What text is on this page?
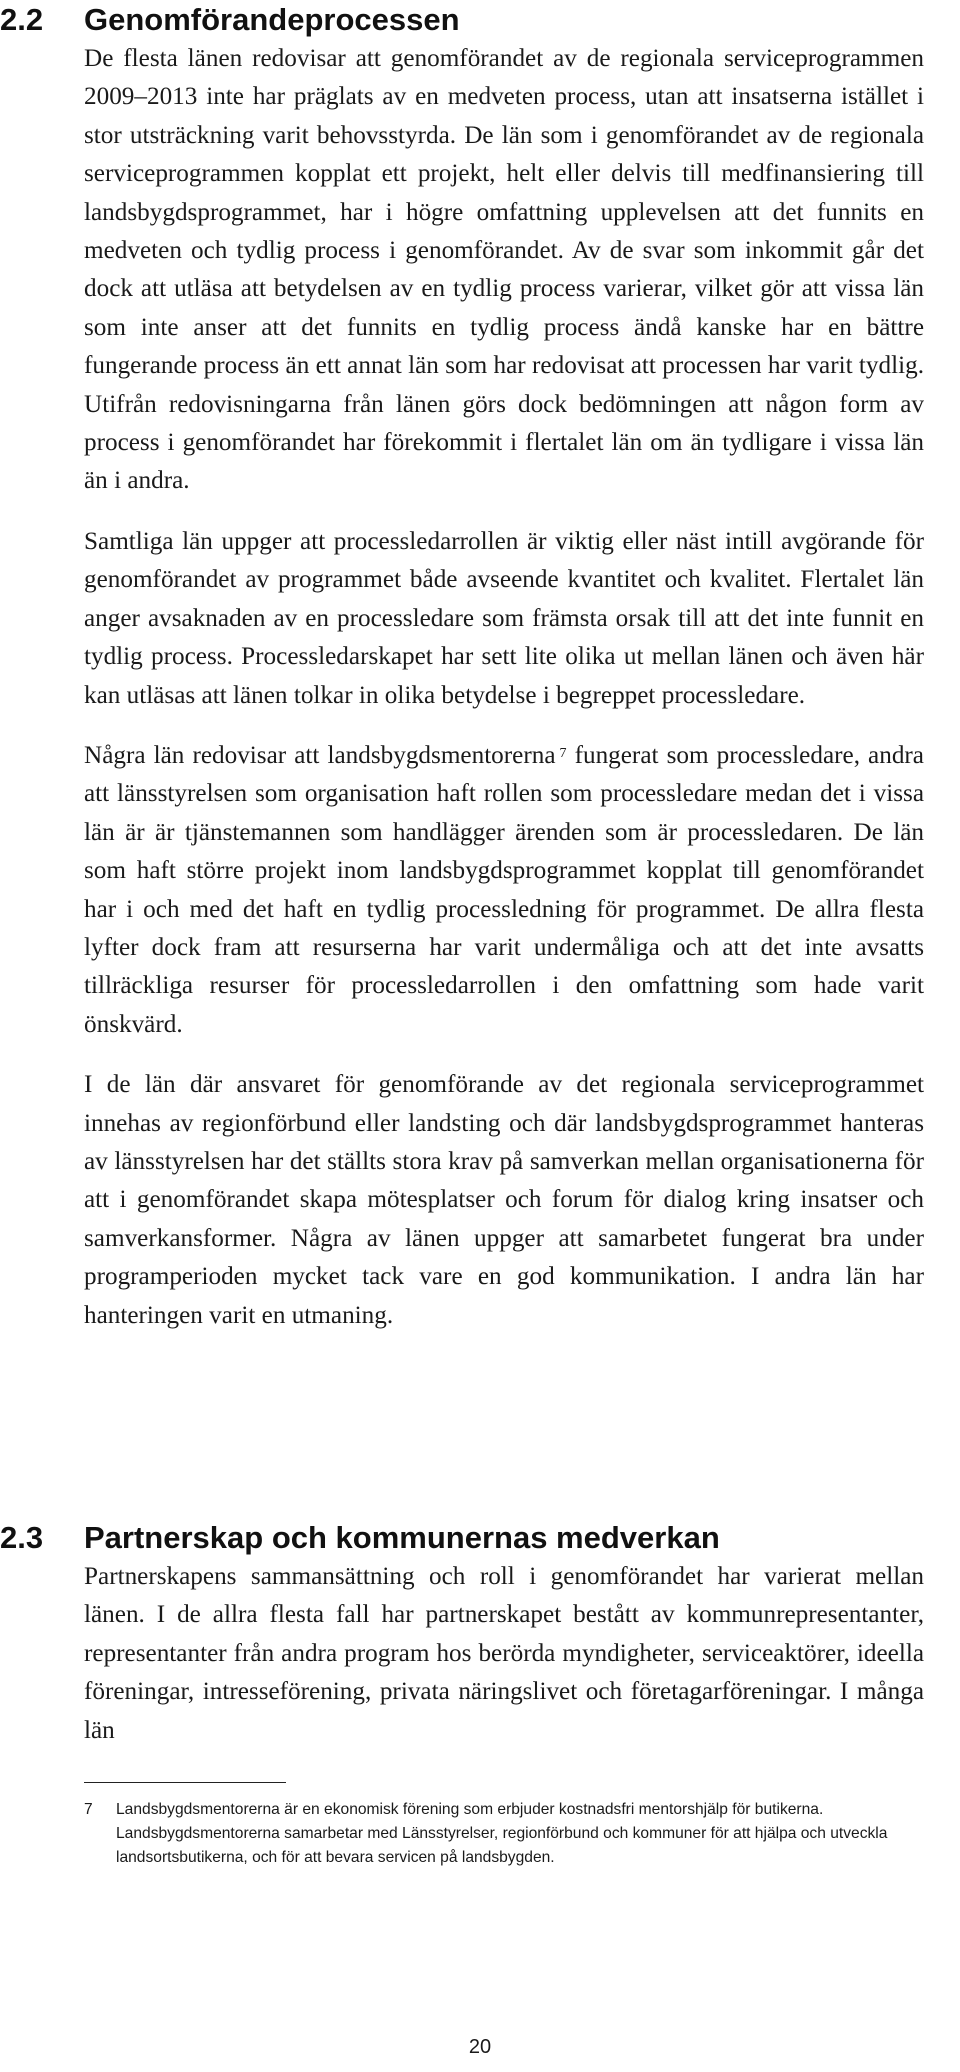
2.2	Genomförandeprocessen

De flesta länen redovisar att genomförandet av de regionala serviceprogrammen 2009–2013 inte har präglats av en medveten process, utan att insatserna istället i stor utsträckning varit behovsstyrda. De län som i genomförandet av de regionala serviceprogrammen kopplat ett projekt, helt eller delvis till medfinansiering till landsbygdsprogrammet, har i högre omfattning upplevelsen att det funnits en medveten och tydlig process i genomförandet. Av de svar som inkommit går det dock att utläsa att betydelsen av en tydlig process varierar, vilket gör att vissa län som inte anser att det funnits en tydlig process ändå kanske har en bättre fungerande process än ett annat län som har redovisat att processen har varit tydlig. Utifrån redovisningarna från länen görs dock bedömningen att någon form av process i genomförandet har förekommit i flertalet län om än tydligare i vissa län än i andra.

Samtliga län uppger att processledarrollen är viktig eller näst intill avgörande för genomförandet av programmet både avseende kvantitet och kvalitet. Flertalet län anger avsaknaden av en processledare som främsta orsak till att det inte funnit en tydlig process. Processledarskapet har sett lite olika ut mellan länen och även här kan utläsas att länen tolkar in olika betydelse i begreppet processledare.

Några län redovisar att landsbygdsmentorerna $^7$ fungerat som processledare, andra att länsstyrelsen som organisation haft rollen som processledare medan det i vissa län är är tjänstemannen som handlägger ärenden som är processledaren. De län som haft större projekt inom landsbygdsprogrammet kopplat till genomförandet har i och med det haft en tydlig processledning för programmet. De allra flesta lyfter dock fram att resurserna har varit undermåliga och att det inte avsatts tillräckliga resurser för processledarrollen i den omfattning som hade varit önskvärd.

I de län där ansvaret för genomförande av det regionala serviceprogrammet innehas av regionförbund eller landsting och där landsbygdsprogrammet hanteras av länsstyrelsen har det ställts stora krav på samverkan mellan organisationerna för att i genomförandet skapa mötesplatser och forum för dialog kring insatser och samverkansformer. Några av länen uppger att samarbetet fungerat bra under programperioden mycket tack vare en god kommunikation. I andra län har hanteringen varit en utmaning.

2.3	Partnerskap och kommunernas medverkan

Partnerskapens sammansättning och roll i genomförandet har varierat mellan länen. I de allra flesta fall har partnerskapet bestått av kommunrepresentanter, representanter från andra program hos berörda myndigheter, serviceaktörer, ideella föreningar, intresseförening, privata näringslivet och företagarföreningar. I många län

7	Landsbygdsmentorerna är en ekonomisk förening som erbjuder kostnadsfri mentorshjälp för butikerna. Landsbygdsmentorerna samarbetar med Länsstyrelser, regionförbund och kommuner för att hjälpa och utveckla landsortsbutikerna, och för att bevara servicen på landsbygden.
20
